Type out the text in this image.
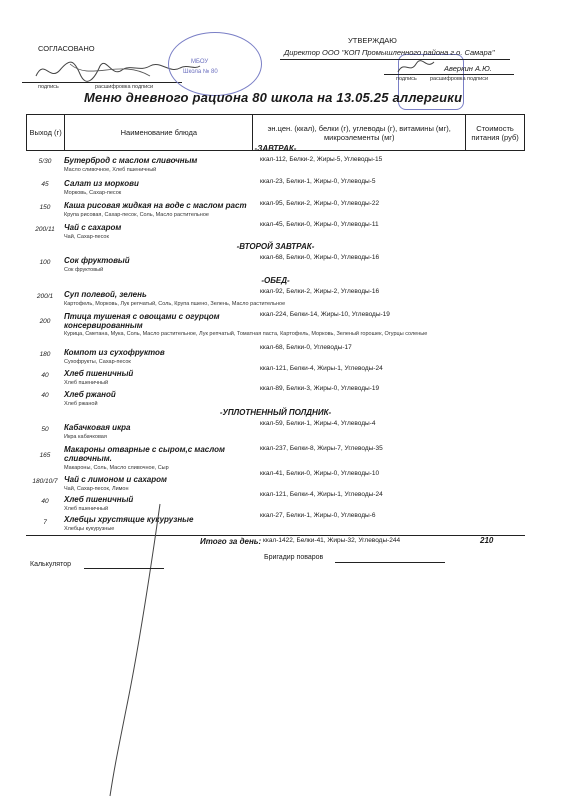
СОГЛАСОВАНО
подпись	расшифровка подписи
МБОУ
Школа № 80
УТВЕРЖДАЮ
Директор ООО "КОП Промышленного района г.о. Самара"
Аверкин А.Ю.
подпись расшифровка подписи
Меню дневного рациона 80 школа на 13.05.25 аллергики
Выход (г)	Наименование блюда	эн.цен. (ккал), белки (г), углеводы (г), витамины (мг), микроэлементы (мг)	Стоимость питания (руб)
-ЗАВТРАК-
5/30	Бутерброд с маслом сливочным
Масло сливочное, Хлеб пшеничный
ккал-112, Белки-2, Жиры-5, Углеводы-15
45	Салат из моркови
Морковь, Сахар-песок
ккал-23, Белки-1, Жиры-0, Углеводы-5
150	Каша рисовая жидкая на воде с маслом раст
Крупа рисовая, Сахар-песок, Соль, Масло растительное
ккал-95, Белки-2, Жиры-0, Углеводы-22
200/11	Чай с сахаром
Чай, Сахар-песок
ккал-45, Белки-0, Жиры-0, Углеводы-11
-ВТОРОЙ ЗАВТРАК-
100	Сок фруктовый
Сок фруктовый
ккал-68, Белки-0, Жиры-0, Углеводы-16
-ОБЕД-
200/1	Суп полевой, зелень
Картофель, Морковь, Лук репчатый, Соль, Крупа пшено, Зелень, Масло растительное
ккал-92, Белки-2, Жиры-2, Углеводы-16
200
Птица тушеная с овощами с огурцом консервированным
Курица, Сметана, Мука, Соль, Масло растительное, Лук репчатый, Томатная паста, Картофель, Морковь, Зеленый горошек, Огурцы соленые
ккал-224, Белки-14, Жиры-10, Углеводы-19
180	Компот из сухофруктов
Сухофрукты, Сахар-песок
ккал-68, Белки-0, Углеводы-17
40	Хлеб пшеничный
Хлеб пшеничный
ккал-121, Белки-4, Жиры-1, Углеводы-24
40	Хлеб ржаной
Хлеб ржаной
ккал-89, Белки-3, Жиры-0, Углеводы-19
-УПЛОТНЕННЫЙ ПОЛДНИК-
50	Кабачковая икра
Икра кабачковая
ккал-59, Белки-1, Жиры-4, Углеводы-4
165
Макароны отварные с сыром,с маслом сливочным.
Макароны, Соль, Масло сливочное, Сыр
ккал-237, Белки-8, Жиры-7, Углеводы-35
180/10/7 Чай с лимоном и сахаром
Чай, Сахар-песок, Лимон
ккал-41, Белки-0, Жиры-0, Углеводы-10
40	Хлеб пшеничный
Хлеб пшеничный
ккал-121, Белки-4, Жиры-1, Углеводы-24
7	Хлебцы хрустящие кукурузные
Хлебцы кукурузные
ккал-27, Белки-1, Жиры-0, Углеводы-6
Итого за день: ккал-1422, Белки-41, Жиры-32, Углеводы-244	210
Калькулятор
Бригадир поваров
